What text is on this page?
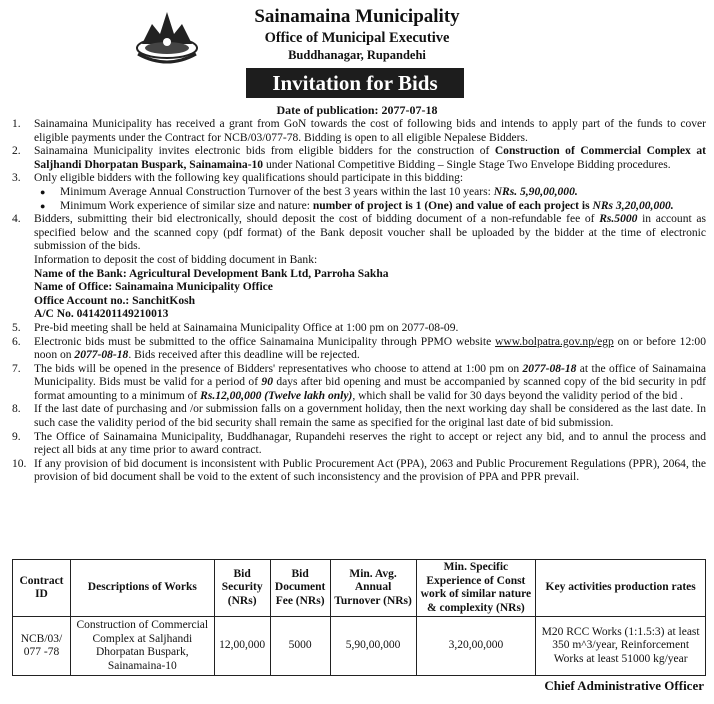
Sainamaina Municipality
Office of Municipal Executive
Buddhanagar, Rupandehi
Invitation for Bids
Date of publication: 2077-07-18
1.	Sainamaina Municipality has received a grant from GoN towards the cost of following bids and intends to apply part of the funds to cover eligible payments under the Contract for NCB/03/077-78. Bidding is open to all eligible Nepalese Bidders.
2.	Sainamaina Municipality invites electronic bids from eligible bidders for the construction of Construction of Commercial Complex at Saljhandi Dhorpatan Buspark, Sainamaina-10 under National Competitive Bidding – Single Stage Two Envelope Bidding procedures.
3.	Only eligible bidders with the following key qualifications should participate in this bidding:
●	Minimum Average Annual Construction Turnover of the best 3 years within the last 10 years: NRs. 5,90,00,000.
●	Minimum Work experience of similar size and nature: number of project is 1 (One) and value of each project is NRs 3,20,00,000.
4.	Bidders, submitting their bid electronically, should deposit the cost of bidding document of a non-refundable fee of Rs.5000 in account as specified below and the scanned copy (pdf format) of the Bank deposit voucher shall be uploaded by the bidder at the time of electronic submission of the bids.
Information to deposit the cost of bidding document in Bank:
Name of the Bank: Agricultural Development Bank Ltd, Parroha Sakha
Name of Office: Sainamaina Municipality Office
Office Account no.: SanchitKosh
A/C No. 0414201149210013
5.	Pre-bid meeting shall be held at Sainamaina Municipality Office at 1:00 pm on 2077-08-09.
6.	Electronic bids must be submitted to the office Sainamaina Municipality through PPMO website www.bolpatra.gov.np/egp on or before 12:00 noon on 2077-08-18. Bids received after this deadline will be rejected.
7.	The bids will be opened in the presence of Bidders' representatives who choose to attend at 1:00 pm on 2077-08-18 at the office of Sainamaina Municipality. Bids must be valid for a period of 90 days after bid opening and must be accompanied by scanned copy of the bid security in pdf format amounting to a minimum of Rs.12,00,000 (Twelve lakh only), which shall be valid for 30 days beyond the validity period of the bid .
8.	If the last date of purchasing and /or submission falls on a government holiday, then the next working day shall be considered as the last date. In such case the validity period of the bid security shall remain the same as specified for the original last date of bid submission.
9.	The Office of Sainamaina Municipality, Buddhanagar, Rupandehi reserves the right to accept or reject any bid, and to annul the process and reject all bids at any time prior to award contract.
10. If any provision of bid document is inconsistent with Public Procurement Act (PPA), 2063 and Public Procurement Regulations (PPR), 2064, the provision of bid document shall be void to the extent of such inconsistency and the provision of PPA and PPR prevail.
Contract ID	Descriptions of Works	Bid Security (NRs)	Bid Document Fee (NRs)	Min. Avg. Annual Turnover (NRs)	Min. Specific Experience of Const work of similar nature & complexity (NRs)	Key activities production rates
NCB/03/ 077 -78	Construction of Commercial Complex at Saljhandi Dhorpatan Buspark, Sainamaina-10	12,00,000	5000	5,90,00,000	3,20,00,000	M20 RCC Works (1:1.5:3) at least 350 m^3/year, Reinforcement Works at least 51000 kg/year
Chief Administrative Officer
